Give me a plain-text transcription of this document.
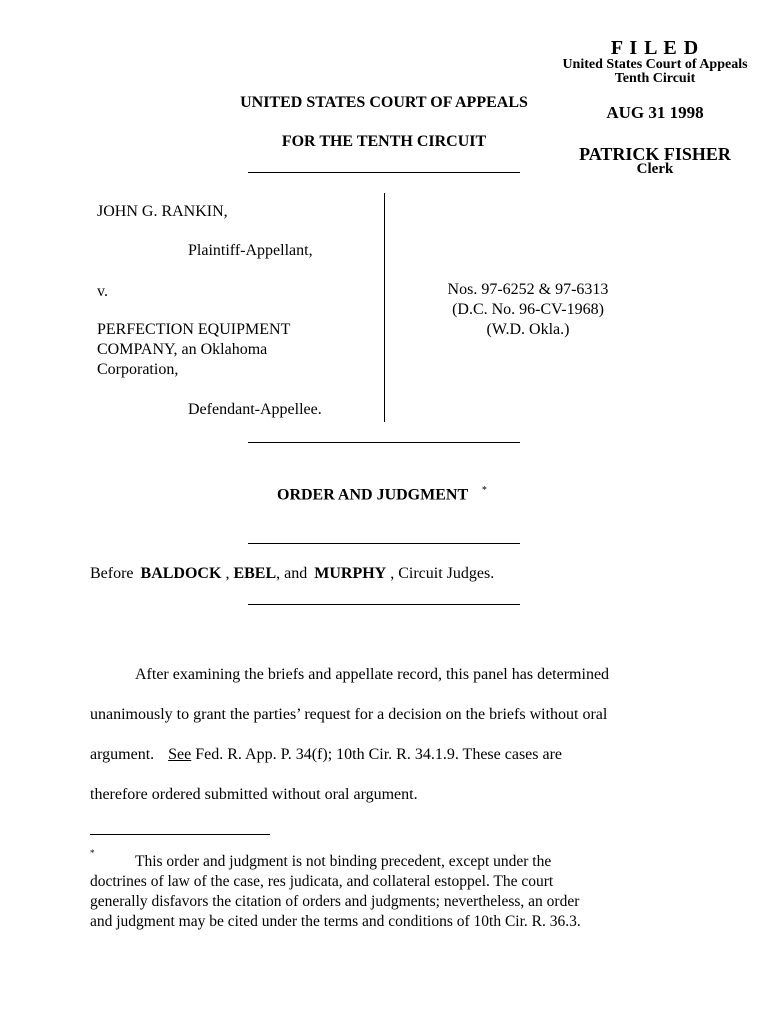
F I L E D
United States Court of Appeals
Tenth Circuit
AUG 31 1998
PATRICK FISHER
Clerk
UNITED STATES COURT OF APPEALS
FOR THE TENTH CIRCUIT
JOHN G. RANKIN,
Plaintiff-Appellant,
v.
PERFECTION EQUIPMENT
COMPANY, an Oklahoma
Corporation,
Defendant-Appellee.
Nos. 97-6252 & 97-6313
(D.C. No. 96-CV-1968)
(W.D. Okla.)
ORDER AND JUDGMENT *
Before BALDOCK , EBEL, and MURPHY , Circuit Judges.
After examining the briefs and appellate record, this panel has determined
unanimously to grant the parties’ request for a decision on the briefs without oral
argument. See Fed. R. App. P. 34(f); 10th Cir. R. 34.1.9. These cases are
therefore ordered submitted without oral argument.
*	This order and judgment is not binding precedent, except under the
doctrines of law of the case, res judicata, and collateral estoppel. The court
generally disfavors the citation of orders and judgments; nevertheless, an order
and judgment may be cited under the terms and conditions of 10th Cir. R. 36.3.
